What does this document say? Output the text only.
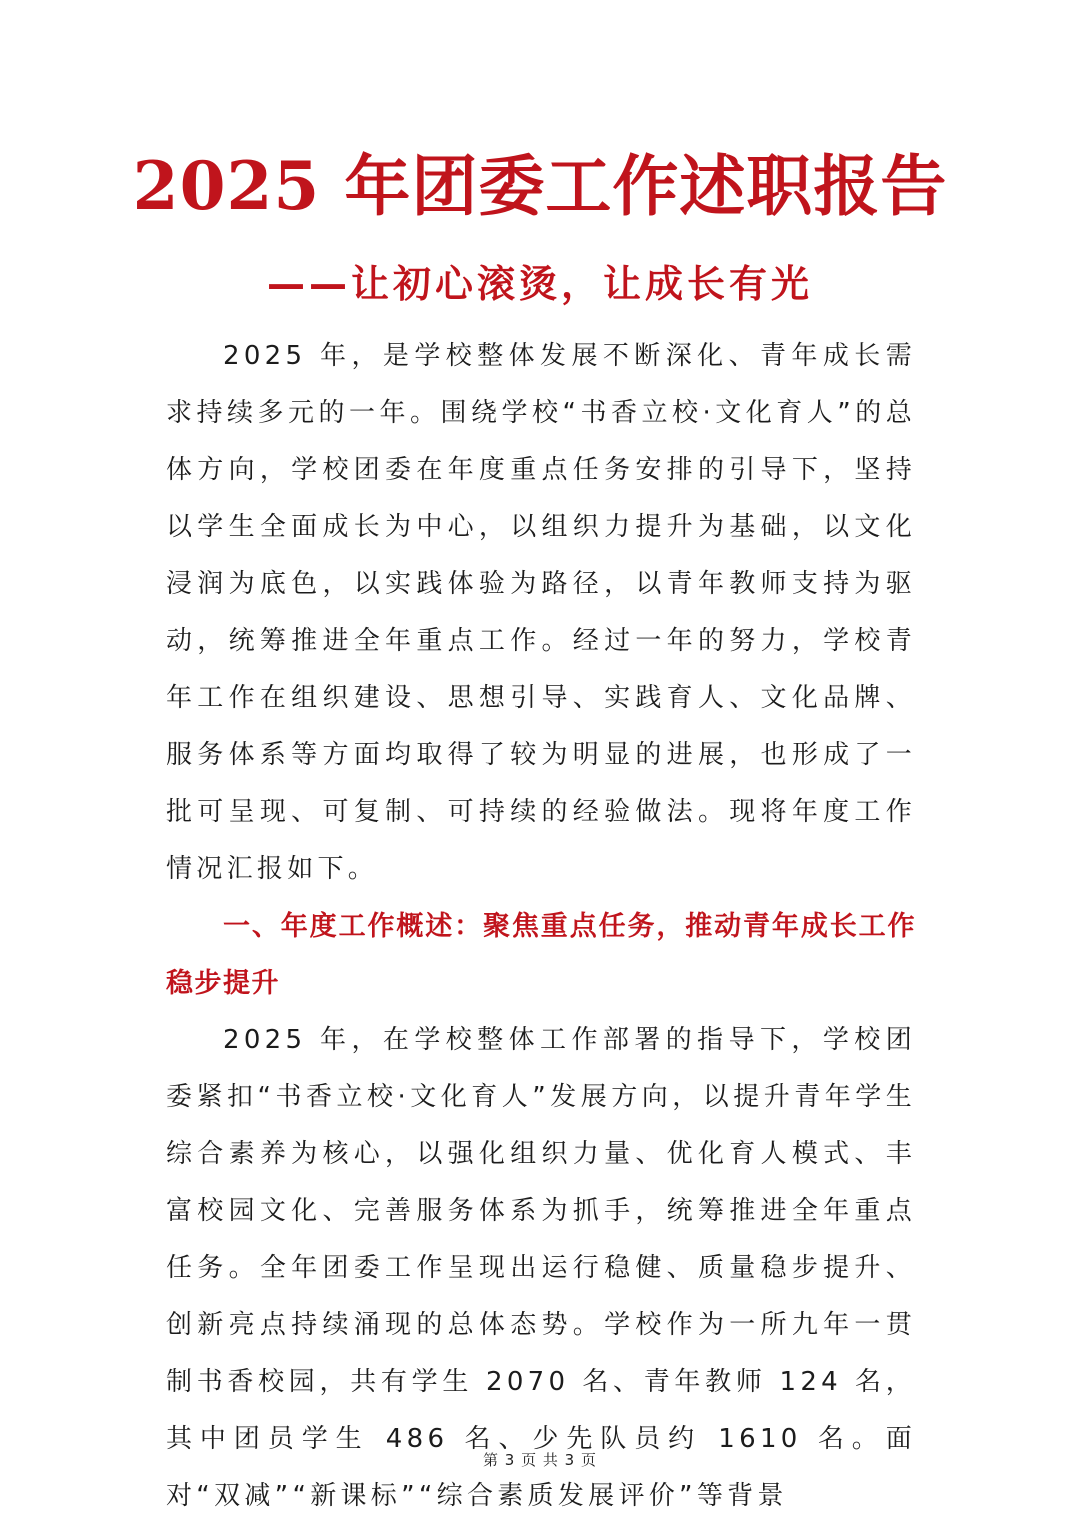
2025 年团委工作述职报告
——让初心滚烫，让成长有光

2025 年，是学校整体发展不断深化、青年成长需求持续多元的一年。围绕学校“书香立校·文化育人”的总体方向，学校团委在年度重点任务安排的引导下，坚持以学生全面成长为中心，以组织力提升为基础，以文化浸润为底色，以实践体验为路径，以青年教师支持为驱动，统筹推进全年重点工作。经过一年的努力，学校青年工作在组织建设、思想引导、实践育人、文化品牌、服务体系等方面均取得了较为明显的进展，也形成了一批可呈现、可复制、可持续的经验做法。现将年度工作情况汇报如下。

一、年度工作概述：聚焦重点任务，推动青年成长工作稳步提升

2025 年，在学校整体工作部署的指导下，学校团委紧扣“书香立校·文化育人”发展方向，以提升青年学生综合素养为核心，以强化组织力量、优化育人模式、丰富校园文化、完善服务体系为抓手，统筹推进全年重点任务。全年团委工作呈现出运行稳健、质量稳步提升、创新亮点持续涌现的总体态势。学校作为一所九年一贯制书香校园，共有学生 2070 名、青年教师 124 名，其中团员学生 486 名、少先队员约 1610 名。面对“双减”“新课标”“综合素质发展评价”等背景

第 3 页 共 3 页
